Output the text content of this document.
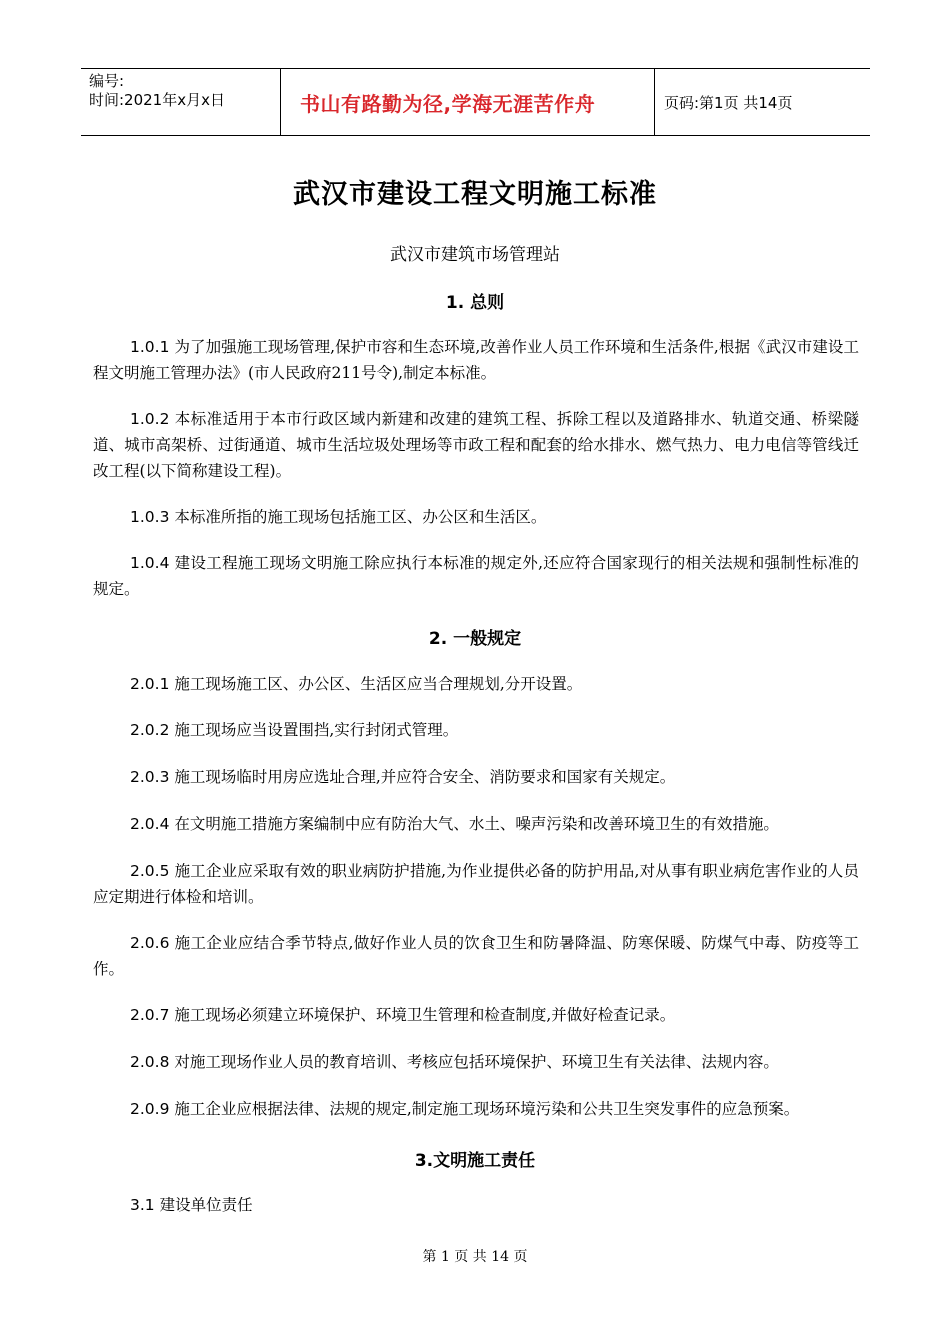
编号:
时间:2021年x月x日	书山有路勤为径,学海无涯苦作舟	页码:第1页 共14页
武汉市建设工程文明施工标准
武汉市建筑市场管理站
1. 总则
1.0.1 为了加强施工现场管理,保护市容和生态环境,改善作业人员工作环境和生活条件,根据《武汉市建设工程文明施工管理办法》(市人民政府211号令),制定本标准。
1.0.2 本标准适用于本市行政区域内新建和改建的建筑工程、拆除工程以及道路排水、轨道交通、桥梁隧道、城市高架桥、过街通道、城市生活垃圾处理场等市政工程和配套的给水排水、燃气热力、电力电信等管线迁改工程(以下简称建设工程)。
1.0.3 本标准所指的施工现场包括施工区、办公区和生活区。
1.0.4 建设工程施工现场文明施工除应执行本标准的规定外,还应符合国家现行的相关法规和强制性标准的规定。
2. 一般规定
2.0.1 施工现场施工区、办公区、生活区应当合理规划,分开设置。
2.0.2 施工现场应当设置围挡,实行封闭式管理。
2.0.3 施工现场临时用房应选址合理,并应符合安全、消防要求和国家有关规定。
2.0.4 在文明施工措施方案编制中应有防治大气、水土、噪声污染和改善环境卫生的有效措施。
2.0.5 施工企业应采取有效的职业病防护措施,为作业提供必备的防护用品,对从事有职业病危害作业的人员应定期进行体检和培训。
2.0.6 施工企业应结合季节特点,做好作业人员的饮食卫生和防暑降温、防寒保暖、防煤气中毒、防疫等工作。
2.0.7 施工现场必须建立环境保护、环境卫生管理和检查制度,并做好检查记录。
2.0.8 对施工现场作业人员的教育培训、考核应包括环境保护、环境卫生有关法律、法规内容。
2.0.9 施工企业应根据法律、法规的规定,制定施工现场环境污染和公共卫生突发事件的应急预案。
3.文明施工责任
3.1 建设单位责任
第 1 页 共 14 页
